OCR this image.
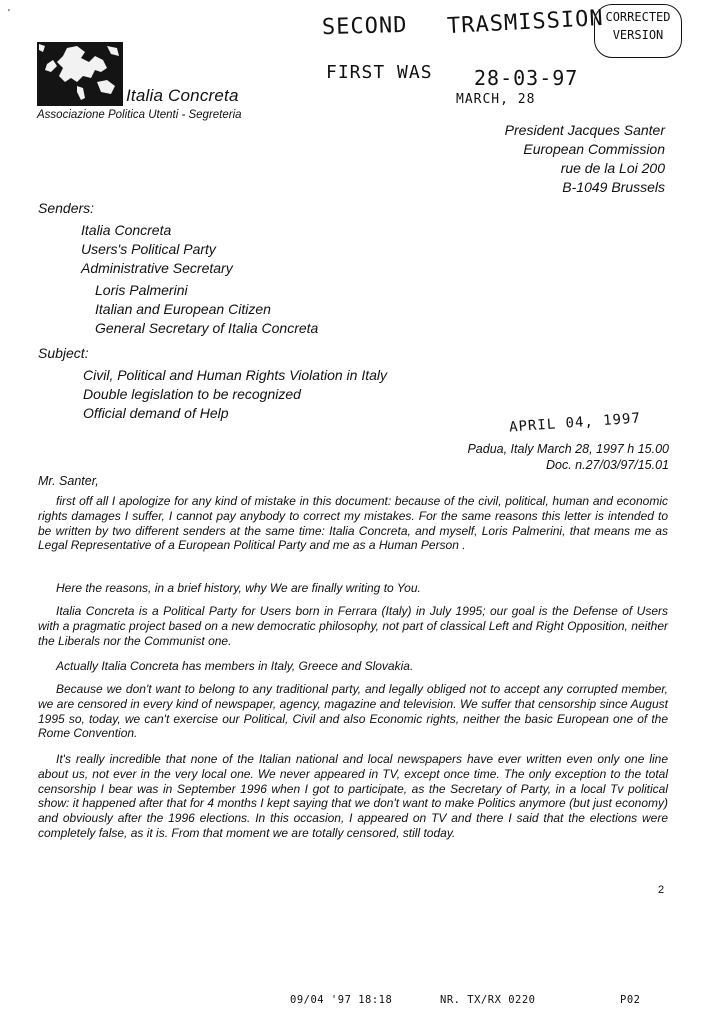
'
Italia Concreta
Associazione Politica Utenti - Segreteria
SECOND TRASMISSION CORRECTED
VERSION
FIRST WAS 28-03-97
MARCH, 28
President Jacques Santer
European Commission
rue de la Loi 200
B-1049 Brussels
Senders:
Italia Concreta
Users's Political Party
Administrative Secretary
Loris Palmerini
Italian and European Citizen
General Secretary of Italia Concreta
Subject:
Civil, Political and Human Rights Violation in Italy
Double legislation to be recognized
Official demand of Help	APRIL 04, 1997
Padua, Italy March 28, 1997 h 15.00
Doc. n.27/03/97/15.01
Mr. Santer,
first off all I apologize for any kind of mistake in this document: because of the civil, political, human and economic rights damages I suffer, I cannot pay anybody to correct my mistakes. For the same reasons this letter is intended to be written by two different senders at the same time: Italia Concreta, and myself, Loris Palmerini, that means me as Legal Representative of a European Political Party and me as a Human Person .
Here the reasons, in a brief history, why We are finally writing to You.
Italia Concreta is a Political Party for Users born in Ferrara (Italy) in July 1995; our goal is the Defense of Users with a pragmatic project based on a new democratic philosophy, not part of classical Left and Right Opposition, neither the Liberals nor the Communist one.
Actually Italia Concreta has members in Italy, Greece and Slovakia.
Because we don't want to belong to any traditional party, and legally obliged not to accept any corrupted member, we are censored in every kind of newspaper, agency, magazine and television. We suffer that censorship since August 1995 so, today, we can't exercise our Political, Civil and also Economic rights, neither the basic European one of the Rome Convention.
It's really incredible that none of the Italian national and local newspapers have ever written even only one line about us, not ever in the very local one. We never appeared in TV, except once time. The only exception to the total censorship I bear was in September 1996 when I got to participate, as the Secretary of Party, in a local Tv political show: it happened after that for 4 months I kept saying that we don't want to make Politics anymore (but just economy) and obviously after the 1996 elections. In this occasion, I appeared on TV and there I said that the elections were completely false, as it is. From that moment we are totally censored, still today.
2
09/04 '97 18:18	NR. TX/RX 0220	P02
